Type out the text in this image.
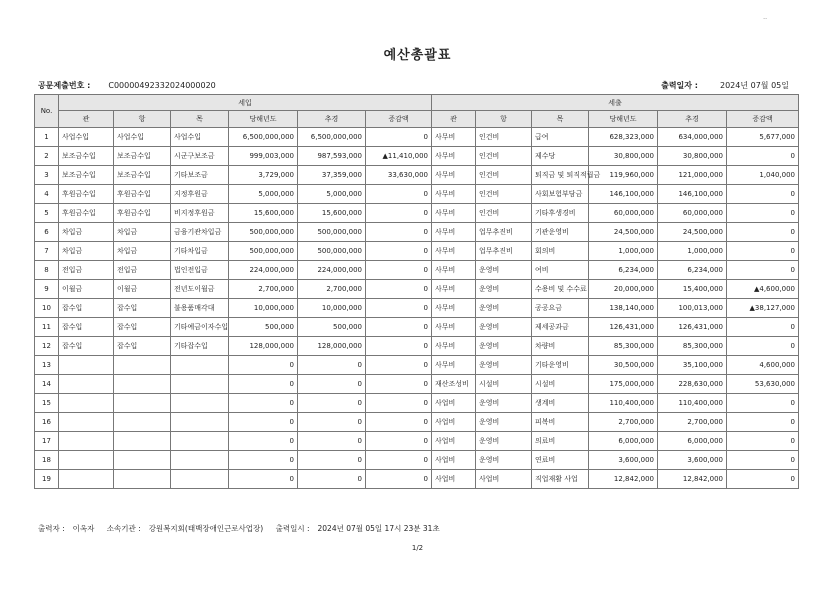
..
예산총괄표
공문제출번호 : C00000492332024000020	출력일자 :	2024년 07월 05일
No.	세입						세출					
	관	항	목	당해년도	추경	증감액	관	항	목	당해년도	추경	증감액
1	사업수입	사업수입	사업수입	6,500,000,000	6,500,000,000	0	사무비	인건비	급여	628,323,000	634,000,000	5,677,000
2	보조금수입	보조금수입	시군구보조금	999,003,000	987,593,000	▲11,410,000	사무비	인건비	제수당	30,800,000	30,800,000	0
3	보조금수입	보조금수입	기타보조금	3,729,000	37,359,000	33,630,000	사무비	인건비	퇴직금 및 퇴직적립금	119,960,000	121,000,000	1,040,000
4	후원금수입	후원금수입	지정후원금	5,000,000	5,000,000	0	사무비	인건비	사회보험부담금	146,100,000	146,100,000	0
5	후원금수입	후원금수입	비지정후원금	15,600,000	15,600,000	0	사무비	인건비	기타후생경비	60,000,000	60,000,000	0
6	차입금	차입금	금융기관차입금	500,000,000	500,000,000	0	사무비	업무추진비	기관운영비	24,500,000	24,500,000	0
7	차입금	차입금	기타차입금	500,000,000	500,000,000	0	사무비	업무추진비	회의비	1,000,000	1,000,000	0
8	전입금	전입금	법인전입금	224,000,000	224,000,000	0	사무비	운영비	여비	6,234,000	6,234,000	0
9	이월금	이월금	전년도이월금	2,700,000	2,700,000	0	사무비	운영비	수용비 및 수수료	20,000,000	15,400,000	▲4,600,000
10	잡수입	잡수입	불용품매각대	10,000,000	10,000,000	0	사무비	운영비	공공요금	138,140,000	100,013,000	▲38,127,000
11	잡수입	잡수입	기타예금이자수입	500,000	500,000	0	사무비	운영비	제세공과금	126,431,000	126,431,000	0
12	잡수입	잡수입	기타잡수입	128,000,000	128,000,000	0	사무비	운영비	차량비	85,300,000	85,300,000	0
13				0	0	0	사무비	운영비	기타운영비	30,500,000	35,100,000	4,600,000
14				0	0	0	재산조성비	시설비	시설비	175,000,000	228,630,000	53,630,000
15				0	0	0	사업비	운영비	생계비	110,400,000	110,400,000	0
16				0	0	0	사업비	운영비	피복비	2,700,000	2,700,000	0
17				0	0	0	사업비	운영비	의료비	6,000,000	6,000,000	0
18				0	0	0	사업비	운영비	연료비	3,600,000	3,600,000	0
19				0	0	0	사업비	사업비	직업재활 사업	12,842,000	12,842,000	0
출력자 : 이옥자 소속기관 : 강원복지회(태백장애인근로사업장) 출력일시 : 2024년 07월 05일 17시 23분 31초
1/2
